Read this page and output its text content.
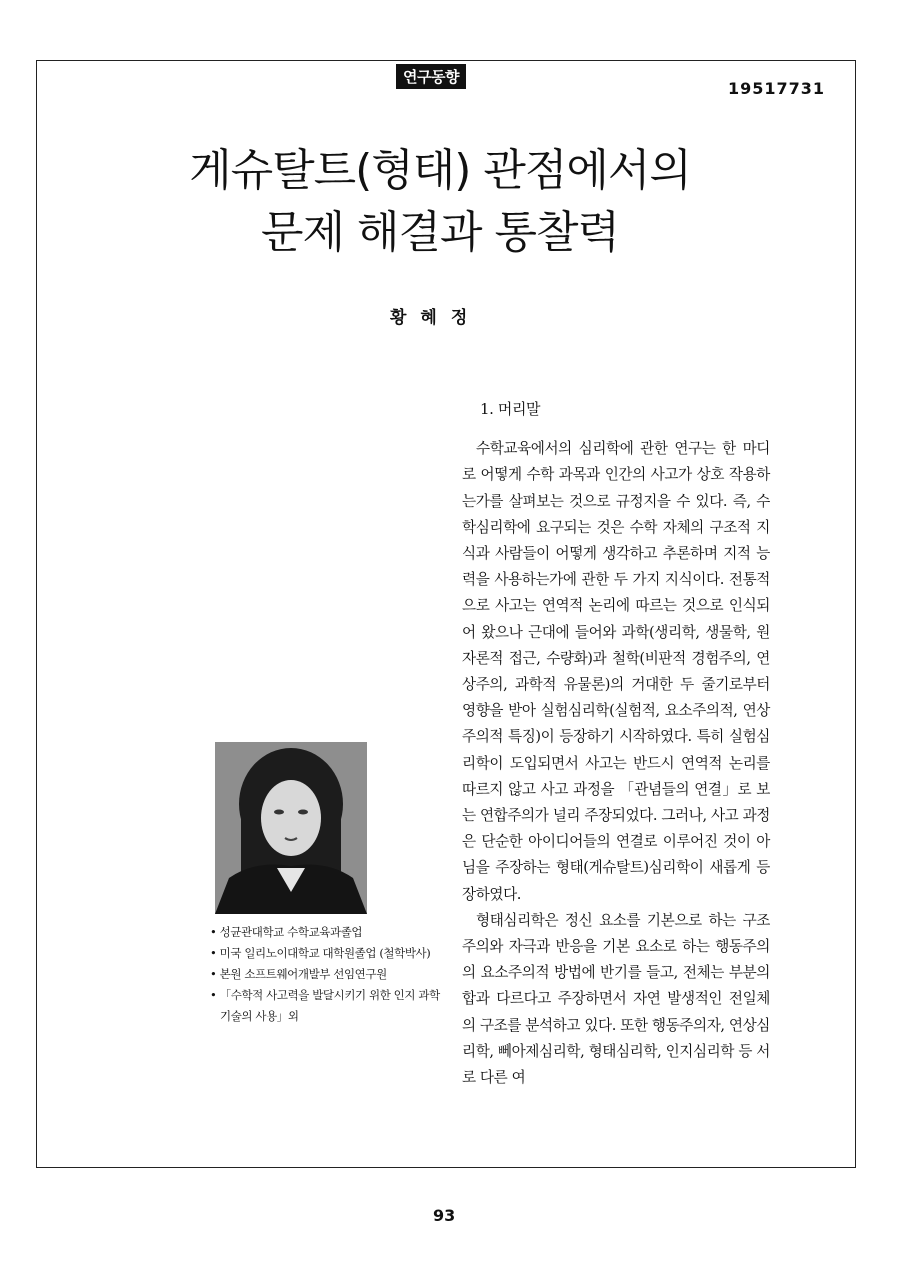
연구동향
19517731
게슈탈트(형태) 관점에서의
문제 해결과 통찰력
황혜정

1. 머리말

수학교육에서의 심리학에 관한 연구는 한 마디로 어떻게 수학 과목과 인간의 사고가 상호 작용하는가를 살펴보는 것으로 규정지을 수 있다. 즉, 수학심리학에 요구되는 것은 수학 자체의 구조적 지식과 사람들이 어떻게 생각하고 추론하며 지적 능력을 사용하는가에 관한 두 가지 지식이다. 전통적으로 사고는 연역적 논리에 따르는 것으로 인식되어 왔으나 근대에 들어와 과학(생리학, 생물학, 원자론적 접근, 수량화)과 철학(비판적 경험주의, 연상주의, 과학적 유물론)의 거대한 두 줄기로부터 영향을 받아 실험심리학(실험적, 요소주의적, 연상주의적 특징)이 등장하기 시작하였다. 특히 실험심리학이 도입되면서 사고는 반드시 연역적 논리를 따르지 않고 사고 과정을 「관념들의 연결」로 보는 연합주의가 널리 주장되었다. 그러나, 사고 과정은 단순한 아이디어들의 연결로 이루어진 것이 아님을 주장하는 형태(게슈탈트)심리학이 새롭게 등장하였다.

형태심리학은 정신 요소를 기본으로 하는 구조주의와 자극과 반응을 기본 요소로 하는 행동주의의 요소주의적 방법에 반기를 들고, 전체는 부분의 합과 다르다고 주장하면서 자연 발생적인 전일체의 구조를 분석하고 있다. 또한 행동주의자, 연상심리학, 뻬아제심리학, 형태심리학, 인지심리학 등 서로 다른 여

• 성균관대학교 수학교육과졸업
• 미국 일리노이대학교 대학원졸업 (철학박사)
• 본원 소프트웨어개발부 선임연구원
• 「수학적 사고력을 발달시키기 위한 인지 과학기술의 사용」외
93
